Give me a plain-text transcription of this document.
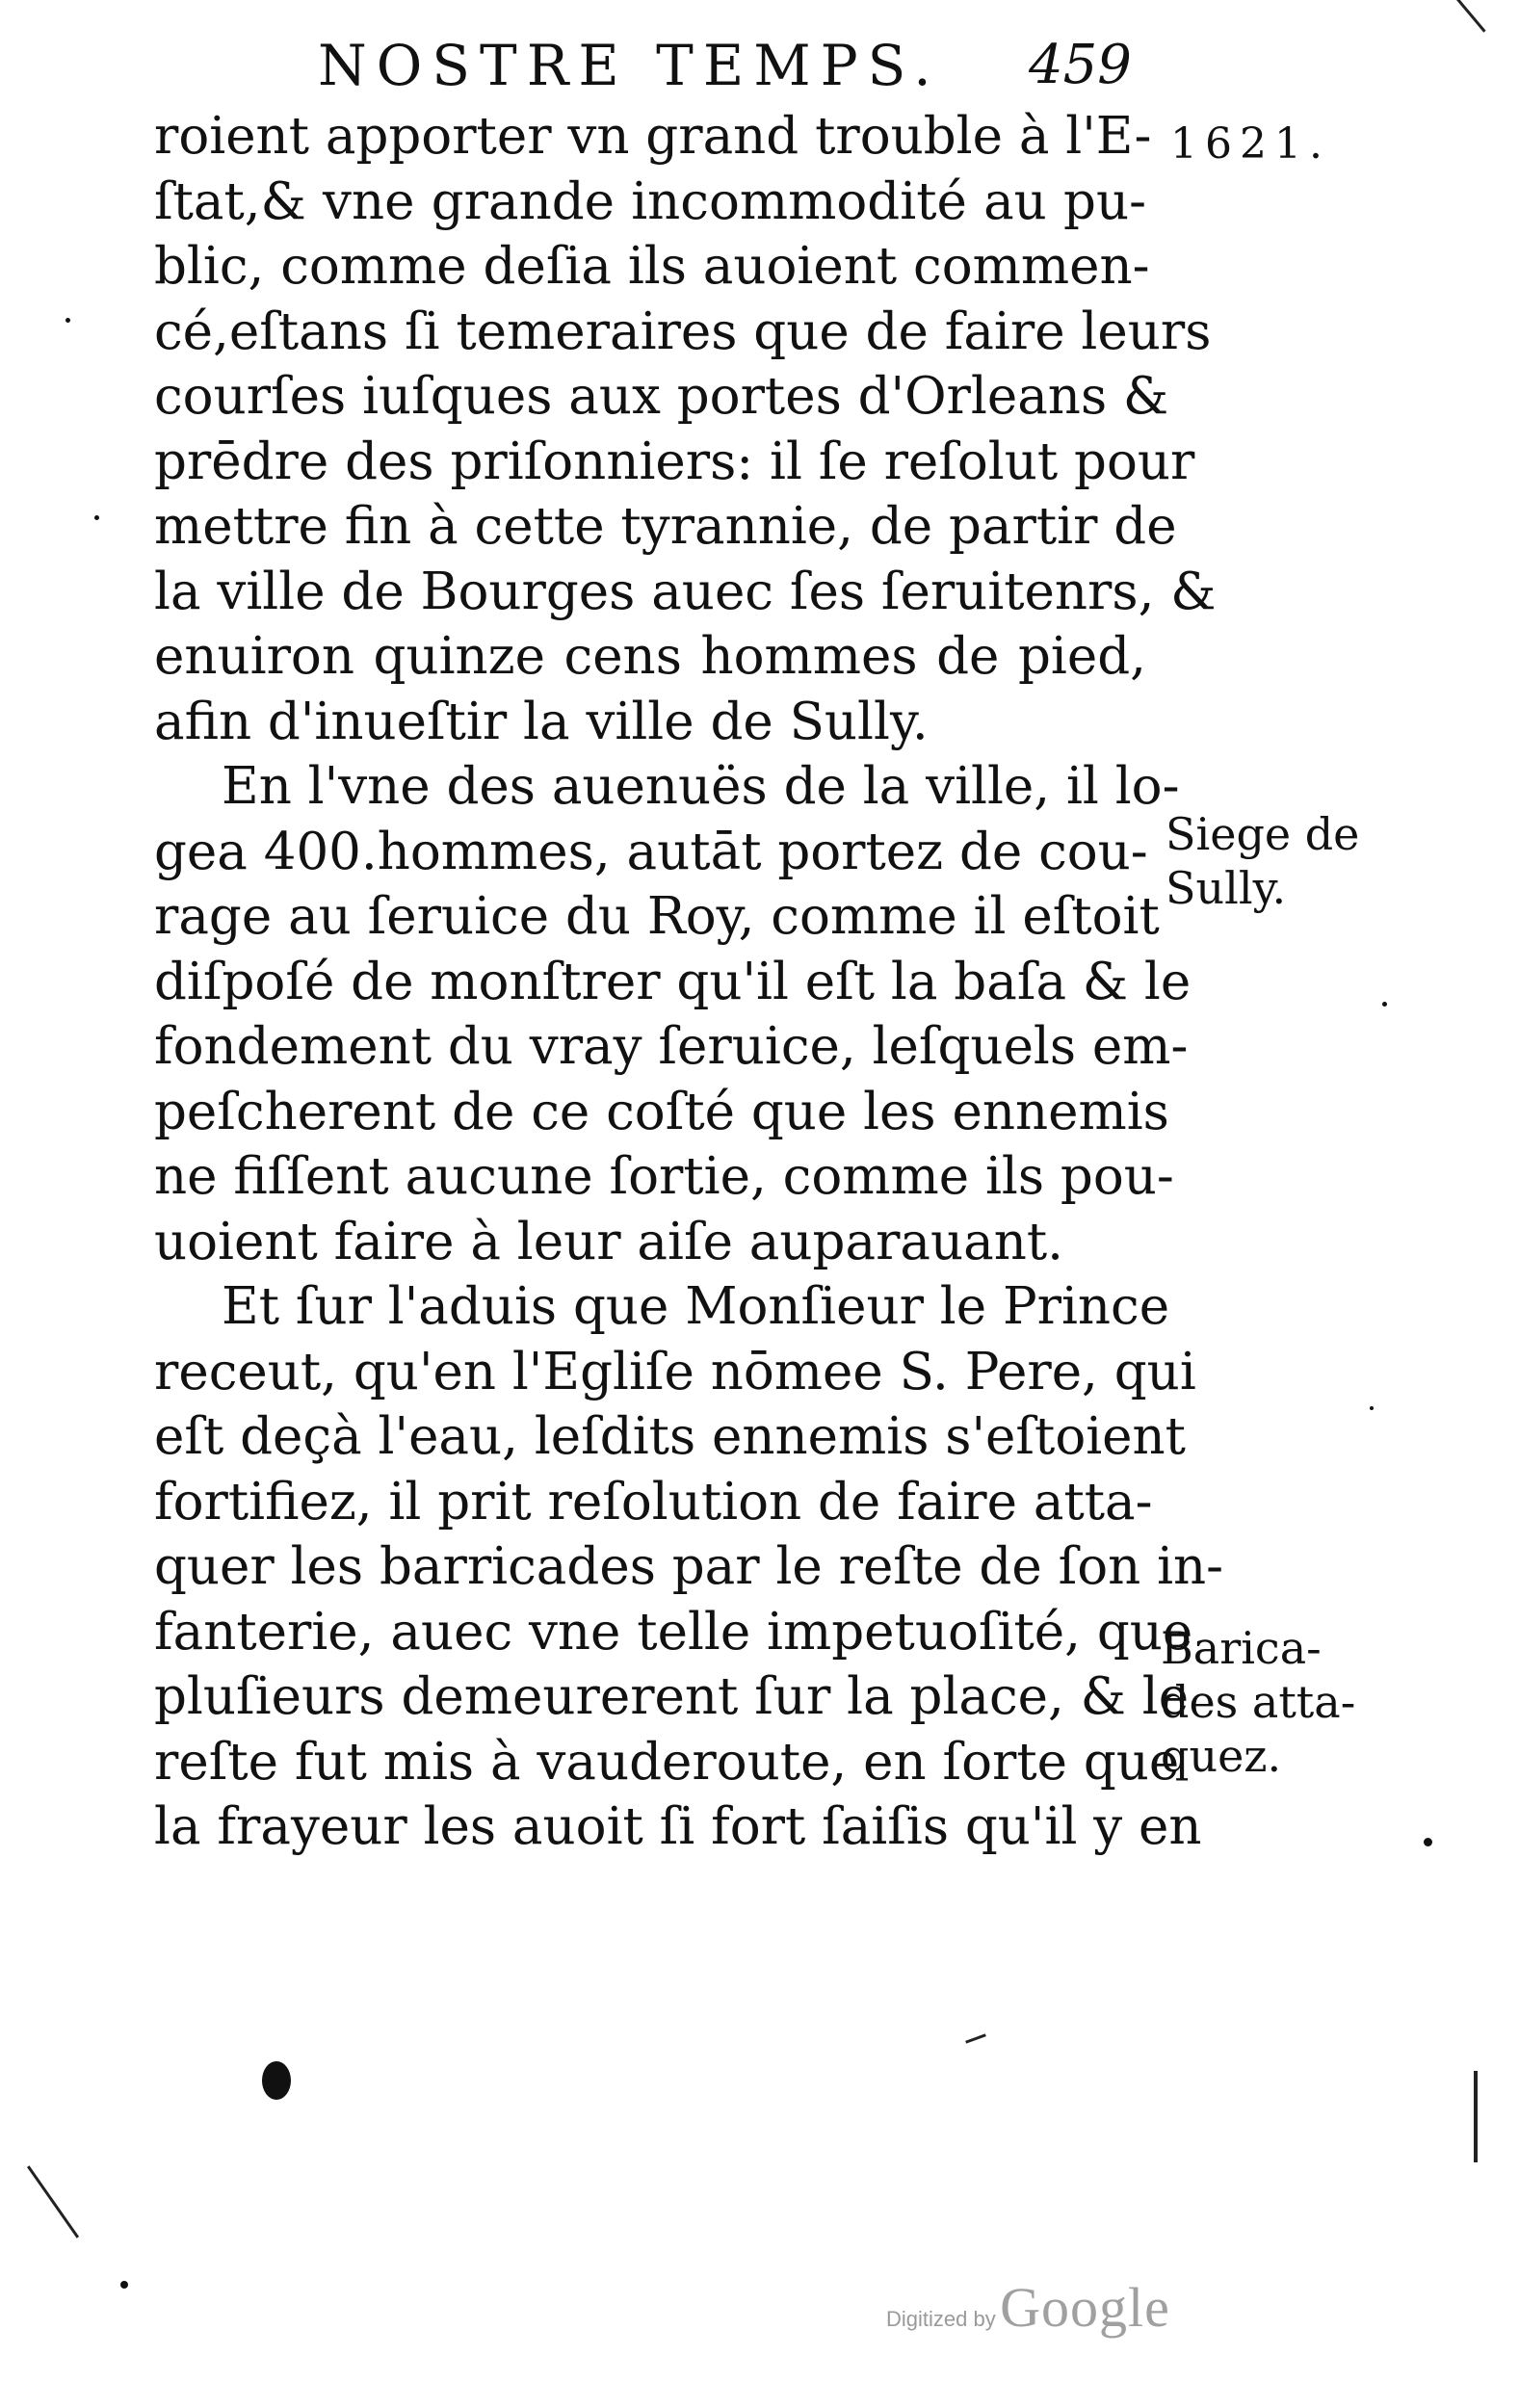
NOSTRE TEMPS. 459
1621.
roient apporter vn grand trouble à l'E-
ſtat,& vne grande incommodité au pu-
blic, comme deſia ils auoient commen-
cé,eſtans ſi temeraires que de faire leurs
courſes iuſques aux portes d'Orleans &
prēdre des priſonniers: il ſe reſolut pour
mettre fin à cette tyrannie, de partir de
la ville de Bourges auec ſes ſeruitenrs, &
enuiron quinze cens hommes de pied,
afin d'inueſtir la ville de Sully.
En l'vne des auenuës de la ville, il lo-
gea 400.hommes, autāt portez de cou-
rage au ſeruice du Roy, comme il eſtoit
diſpoſé de monſtrer qu'il eſt la baſa & le
fondement du vray ſeruice, leſquels em-
peſcherent de ce coſté que les ennemis
ne fiſſent aucune ſortie, comme ils pou-
uoient faire à leur aiſe auparauant.
Et ſur l'aduis que Monſieur le Prince
receut, qu'en l'Egliſe nōmee S. Pere, qui
eſt deçà l'eau, leſdits ennemis s'eſtoient
fortifiez, il prit reſolution de faire atta-
quer les barricades par le reſte de ſon in-
fanterie, auec vne telle impetuoſité, que
pluſieurs demeurerent ſur la place, & le
reſte fut mis à vauderoute, en ſorte que
la frayeur les auoit ſi fort ſaiſis qu'il y en
Siege de
Sully.
Barica-
des atta-
quez.
Digitized by Google
